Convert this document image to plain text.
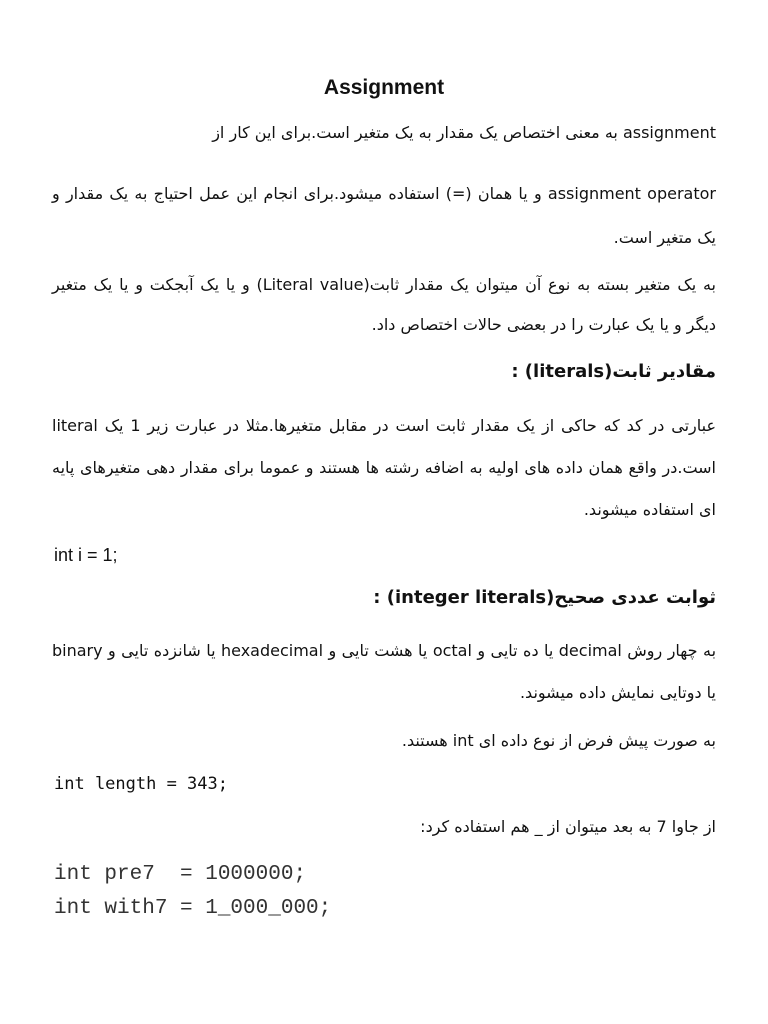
Assignment
assignment به معنی اختصاص یک مقدار به یک متغیر است.برای این کار از
assignment operator و یا همان (=) استفاده میشود.برای انجام این عمل احتیاج به یک مقدار و یک متغیر است.
به یک متغیر بسته به نوع آن میتوان یک مقدار ثابت(Literal value) و یا یک آبجکت و یا یک متغیر دیگر و یا یک عبارت را در بعضی حالات اختصاص داد.
مقادیر ثابت(literals) :
عبارتی در کد که حاکی از یک مقدار ثابت است در مقابل متغیرها.مثلا در عبارت زیر 1 یک literal است.در واقع همان داده های اولیه به اضافه رشته ها هستند و عموما برای مقدار دهی متغیرهای پایه ای استفاده میشوند.
int i = 1;
ثوابت عددی صحیح(integer literals) :
به چهار روش decimal یا ده تایی و octal یا هشت تایی و hexadecimal یا شانزده تایی و binary یا دوتایی نمایش داده میشوند.
به صورت پیش فرض از نوع داده ای int هستند.
int length = 343;
از جاوا 7 به بعد میتوان از _ هم استفاده کرد:
int pre7  = 1000000;
int with7 = 1_000_000;
